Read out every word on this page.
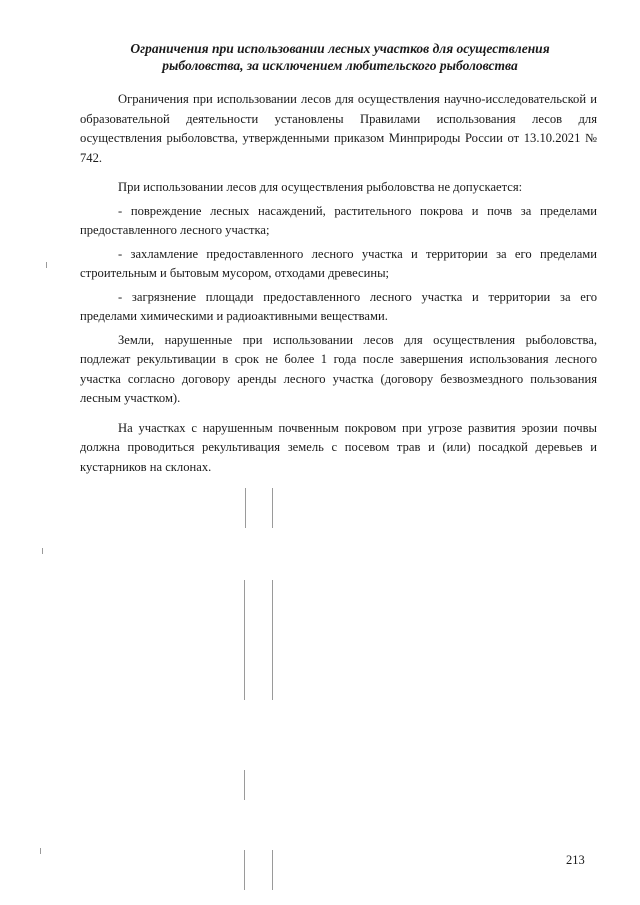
Ограничения при использовании лесных участков для осуществления
рыболовства, за исключением любительского рыболовства

Ограничения при использовании лесов для осуществления научно-исследовательской и образовательной деятельности установлены Правилами использования лесов для осуществления рыболовства, утвержденными приказом Минприроды России от 13.10.2021 № 742.

При использовании лесов для осуществления рыболовства не допускается:

- повреждение лесных насаждений, растительного покрова и почв за пределами предоставленного лесного участка;

- захламление предоставленного лесного участка и территории за его пределами строительным и бытовым мусором, отходами древесины;

- загрязнение площади предоставленного лесного участка и территории за его пределами химическими и радиоактивными веществами.

Земли, нарушенные при использовании лесов для осуществления рыболовства, подлежат рекультивации в срок не более 1 года после завершения использования лесного участка согласно договору аренды лесного участка (договору безвозмездного пользования лесным участком).

На участках с нарушенным почвенным покровом при угрозе развития эрозии почвы должна проводиться рекультивация земель с посевом трав и (или) посадкой деревьев и кустарников на склонах.

213
